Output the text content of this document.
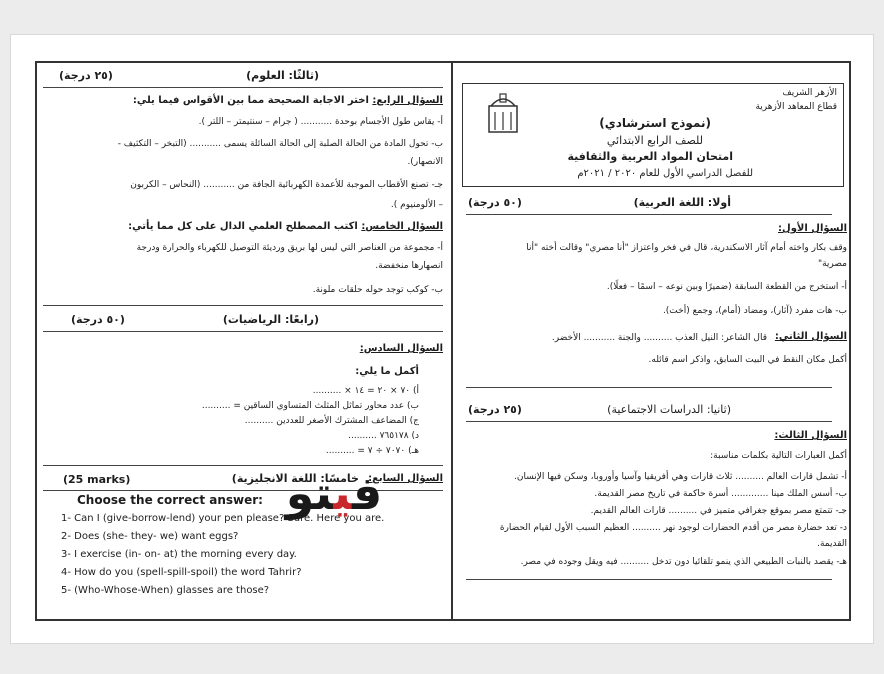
الأزهر الشريف
قطاع المعاهد الأزهرية
(نموذج استرشادي)
للصف الرابع الابتدائي
امتحان المواد العربية والثقافية
للفصل الدراسي الأول للعام ٢٠٢٠ / ٢٠٢١م
أولا: اللغة العربية)
(٥٠ درجة)
السؤال الأول:
وقف بكار واخته أمام آثار الاسكندرية، قال في فخر واعتزاز "أنا مصري" وقالت أخته "أنا
مصرية"
أ- استخرج من القطعة السابقة (ضميرًا وبين نوعه – اسمًا – فعلًا).
ب- هات مفرد (آثار)، ومضاد (أمام)، وجمع (أخت).
السؤال الثاني:
قال الشاعر: النيل العذب .......... والجنة ........... الأخضر.
أكمل مكان النقط في البيت السابق، واذكر اسم قائله.
(ثانيا: الدراسات الاجتماعية)
(٢٥ درجة)
السؤال الثالث:
أكمل العبارات التالية بكلمات مناسبة:
أ- تشمل قارات العالم .......... ثلاث قارات وهي أفريقيا وآسيا وأوروبا، وسكن فيها الإنسان.
ب- أسس الملك مينا ............. أسرة حاكمة في تاريخ مصر القديمة.
جـ- تتمتع مصر بموقع جغرافي متميز في .......... قارات العالم القديم.
د- تعد حضارة مصر من أقدم الحضارات لوجود نهر .......... العظيم السبب الأول لقيام الحضارة
القديمة.
هـ- يقصد بالنبات الطبيعي الذي ينمو تلقائيا دون تدخل .......... فيه ويقل وجوده في مصر.
(ثالثًا: العلوم)
(٢٥ درجة)
السؤال الرابع: اختر الاجابة الصحيحة مما بين الأقواس فيما يلي:
أ- يقاس طول الأجسام بوحدة ........... ( جرام – سنتيمتر – اللتر ).
ب- تحول المادة من الحالة الصلبة إلى الحالة السائلة يسمى ........... (التبخر – التكثيف -
الانصهار).
جـ- تصنع الأقطاب الموجبة للأعمدة الكهربائية الجافة من ........... (النحاس – الكربون
– الألومنيوم ).
السؤال الخامس: اكتب المصطلح العلمي الدال على كل مما يأتي:
أ- مجموعة من العناصر التي ليس لها بريق ورديئة التوصيل للكهرباء والحرارة ودرجة
انصهارها منخفضة.
ب- كوكب توجد حوله حلقات ملونة.
(رابعًا: الرياضيات)
(٥٠ درجة)
السؤال السادس:
أكمل ما يلي:
أ) ٧٠ × ٢٠ = ١٤ × ..........
ب) عدد محاور تماثل المثلث المتساوي الساقين = ..........
ج) المضاعف المشترك الأصغر للعددين ..........
د) ٧٦٥١٧٨ ..........
هـ) ٧٠٧٠ ÷ ٧ = ..........
السؤال السابع:
خامسًا: اللغة الانجليزية)
(25 marks)
Choose the correct answer:
1- Can I (give-borrow-lend) your pen please? Sure. Here you are.
2- Does (she- they- we) want eggs?
3- I exercise (in- on- at) the morning every day.
4- How do you (spell-spill-spoil) the word Tahrir?
5- (Who-Whose-When) glasses are those?
فيتو
